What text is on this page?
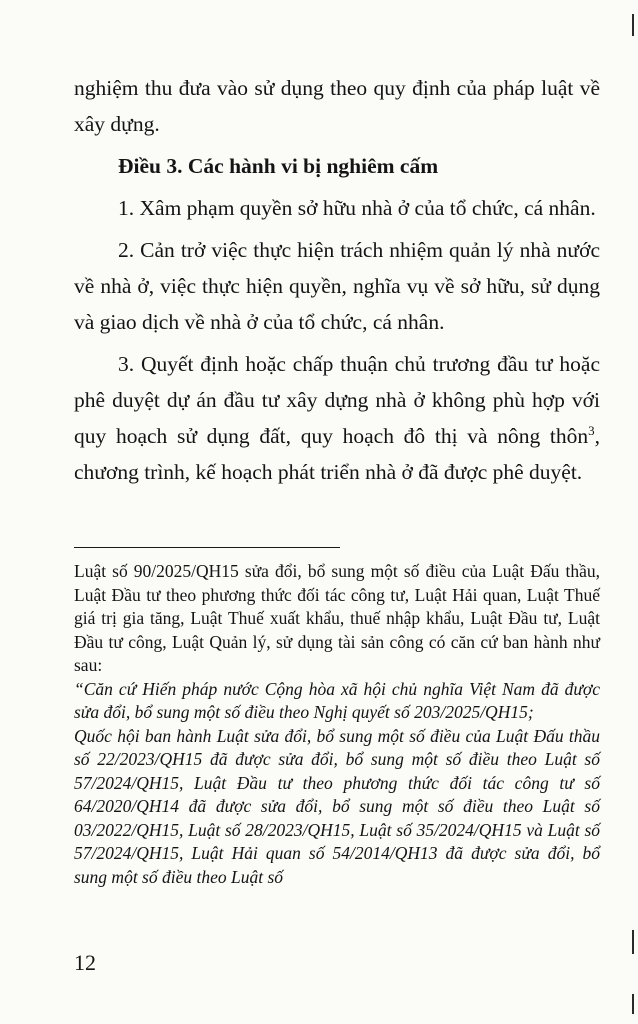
nghiệm thu đưa vào sử dụng theo quy định của pháp luật về xây dựng.

Điều 3. Các hành vi bị nghiêm cấm

1. Xâm phạm quyền sở hữu nhà ở của tổ chức, cá nhân.

2. Cản trở việc thực hiện trách nhiệm quản lý nhà nước về nhà ở, việc thực hiện quyền, nghĩa vụ về sở hữu, sử dụng và giao dịch về nhà ở của tổ chức, cá nhân.

3. Quyết định hoặc chấp thuận chủ trương đầu tư hoặc phê duyệt dự án đầu tư xây dựng nhà ở không phù hợp với quy hoạch sử dụng đất, quy hoạch đô thị và nông thôn$^3$, chương trình, kế hoạch phát triển nhà ở đã được phê duyệt.

Luật số 90/2025/QH15 sửa đổi, bổ sung một số điều của Luật Đấu thầu, Luật Đầu tư theo phương thức đối tác công tư, Luật Hải quan, Luật Thuế giá trị gia tăng, Luật Thuế xuất khẩu, thuế nhập khẩu, Luật Đầu tư, Luật Đầu tư công, Luật Quản lý, sử dụng tài sản công có căn cứ ban hành như sau:

“Căn cứ Hiến pháp nước Cộng hòa xã hội chủ nghĩa Việt Nam đã được sửa đổi, bổ sung một số điều theo Nghị quyết số 203/2025/QH15;

Quốc hội ban hành Luật sửa đổi, bổ sung một số điều của Luật Đấu thầu số 22/2023/QH15 đã được sửa đổi, bổ sung một số điều theo Luật số 57/2024/QH15, Luật Đầu tư theo phương thức đối tác công tư số 64/2020/QH14 đã được sửa đổi, bổ sung một số điều theo Luật số 03/2022/QH15, Luật số 28/2023/QH15, Luật số 35/2024/QH15 và Luật số 57/2024/QH15, Luật Hải quan số 54/2014/QH13 đã được sửa đổi, bổ sung một số điều theo Luật số

12
